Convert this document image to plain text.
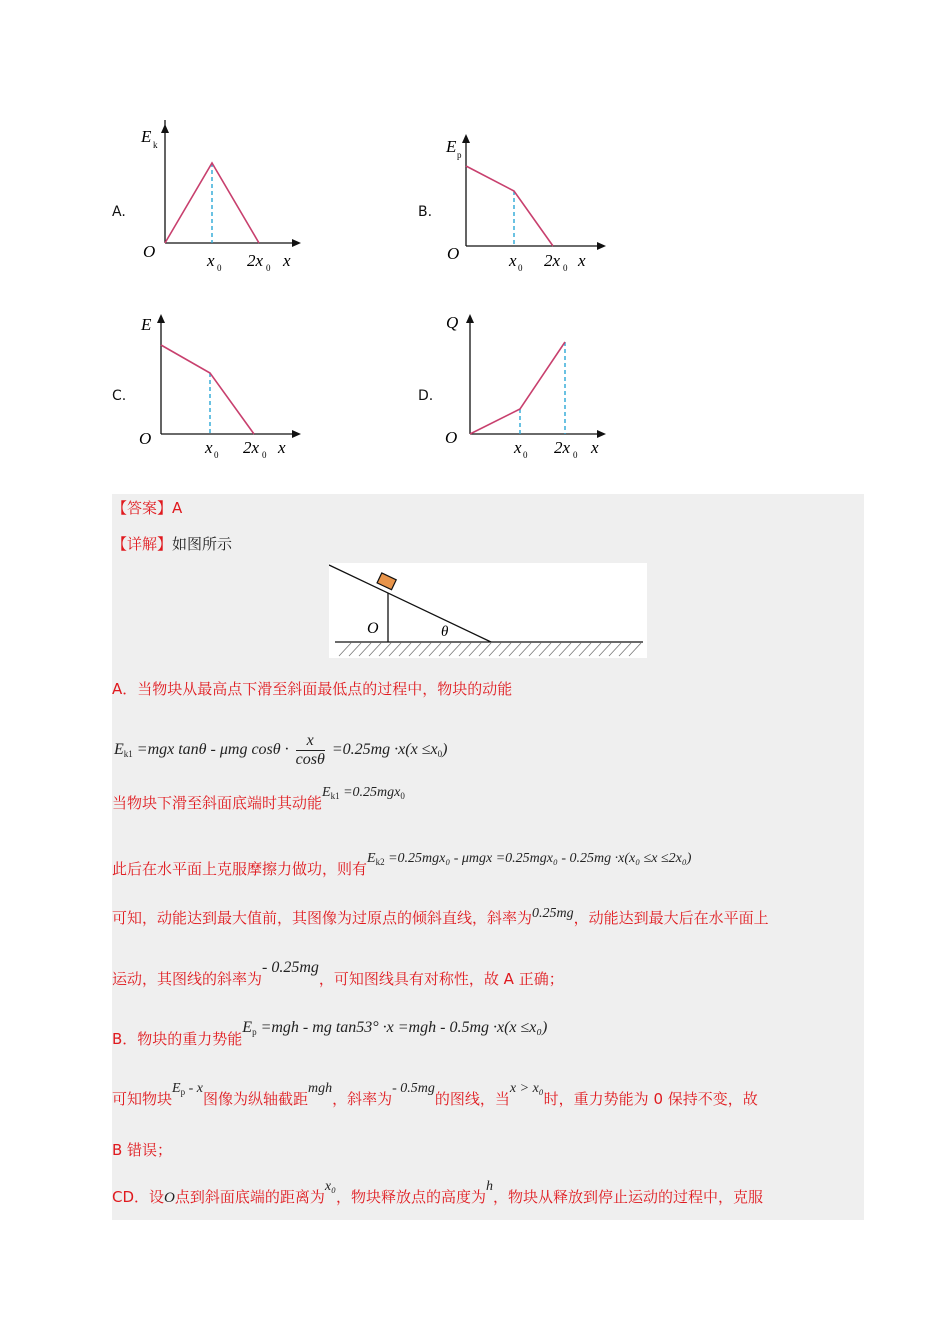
A.	B.
C.	D.
E k
O	x 0 2x 0 x
E p
O	x 0 2x 0 x
E
O	x 0 2x 0 x
Q
O
x 0 2x 0 x
【答案】A
【详解】如图所示
O	θ
A．当物块从最高点下滑至斜面最低点的过程中，物块的动能
$E_{k1} =mgx$ tanθ - μmg $\cos\theta \cdot \frac{x}{\cos\theta} =0.25mg \cdot x(x \le x_0)$
当物块下滑至斜面底端时其动能$E_{k1} =0.25mgx_0$
此后在水平面上克服摩擦力做功，则有$E_{k2} =0.25mgx_0 - \mu mgx =0.25mgx_0 - 0.25mg \cdot x(x_0 \le x \le 2x_0)$
可知，动能达到最大值前，其图像为过原点的倾斜直线，斜率为0.25mg，动能达到最大后在水平面上
运动，其图线的斜率为- 0.25mg，可知图线具有对称性，故 A 正确；
B．物块的重力势能$E_p =mgh$ - mg tan53° ·x =mgh - 0.5mg ·x(x ≤x₀)
可知物块$E_p$ - x图像为纵轴截距mgh，斜率为- 0.5mg的图线，当x > x₀时，重力势能为 0 保持不变，故
B 错误；
CD．设O点到斜面底端的距离为x₀，物块释放点的高度为h，物块从释放到停止运动的过程中，克服
